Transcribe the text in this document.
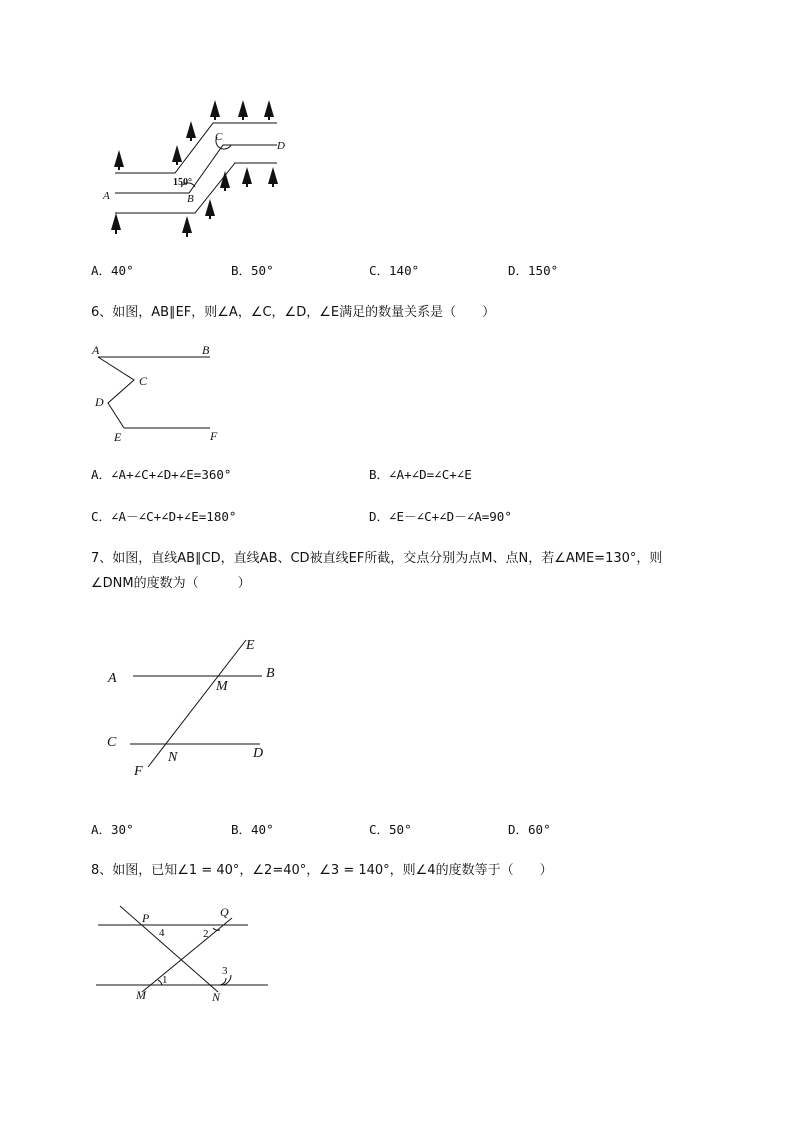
A	B
C
D
150°
A．40°	B．50°	C．140°	D．150°
6、如图，AB∥EF，则∠A，∠C，∠D，∠E满足的数量关系是（　　）
A	B
C
D
E	F
A．∠A+∠C+∠D+∠E=360°	B．∠A+∠D=∠C+∠E
C．∠A－∠C+∠D+∠E=180°	D．∠E－∠C+∠D－∠A=90°
7、如图，直线AB∥CD，直线AB、CD被直线EF所截，交点分别为点M、点N，若∠AME=130°，则
∠DNM的度数为（　　　）
A	B
C
D
E
F
M
N
A．30°	B．40°	C．50°	D．60°
8、如图，已知∠1 = 40°，∠2=40°，∠3 = 140°，则∠4的度数等于（　　）
P	Q
M	N
1
2
3
4
